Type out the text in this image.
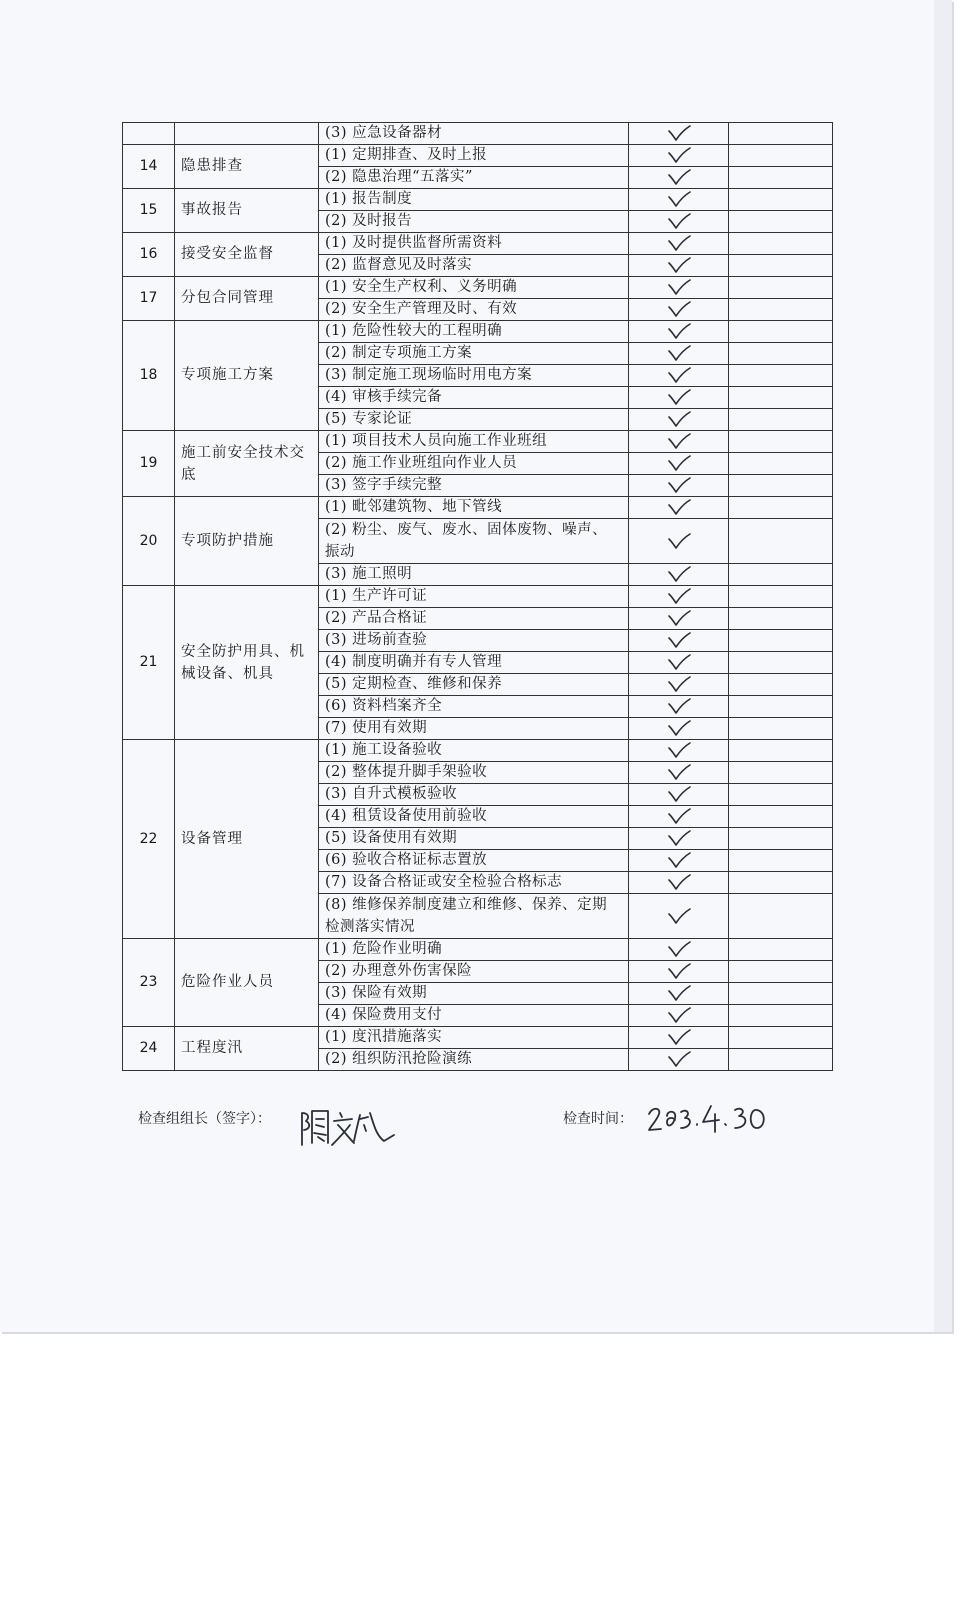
		(3) 应急设备器材		
14	隐患排查	(1) 定期排查、及时上报		
		(2) 隐患治理“五落实”		
15	事故报告	(1) 报告制度		
		(2) 及时报告		
16	接受安全监督	(1) 及时提供监督所需资料		
		(2) 监督意见及时落实		
17	分包合同管理	(1) 安全生产权利、义务明确		
		(2) 安全生产管理及时、有效		
18	专项施工方案	(1) 危险性较大的工程明确		
		(2) 制定专项施工方案		
		(3) 制定施工现场临时用电方案		
		(4) 审核手续完备		
		(5) 专家论证		
19	施工前安全技术交底	(1) 项目技术人员向施工作业班组		
		(2) 施工作业班组向作业人员		
		(3) 签字手续完整		
20	专项防护措施	(1) 毗邻建筑物、地下管线		
		(2) 粉尘、废气、废水、固体废物、噪声、振动		
		(3) 施工照明		
21	安全防护用具、机械设备、机具	(1) 生产许可证		
		(2) 产品合格证		
		(3) 进场前查验		
		(4) 制度明确并有专人管理		
		(5) 定期检查、维修和保养		
		(6) 资料档案齐全		
		(7) 使用有效期		
22	设备管理	(1) 施工设备验收		
		(2) 整体提升脚手架验收		
		(3) 自升式模板验收		
		(4) 租赁设备使用前验收		
		(5) 设备使用有效期		
		(6) 验收合格证标志置放		
		(7) 设备合格证或安全检验合格标志		
		(8) 维修保养制度建立和维修、保养、定期检测落实情况		
23	危险作业人员	(1) 危险作业明确		
		(2) 办理意外伤害保险		
		(3) 保险有效期		
		(4) 保险费用支付		
24	工程度汛	(1) 度汛措施落实		
		(2) 组织防汛抢险演练		
检查组组长（签字）：	检查时间：
